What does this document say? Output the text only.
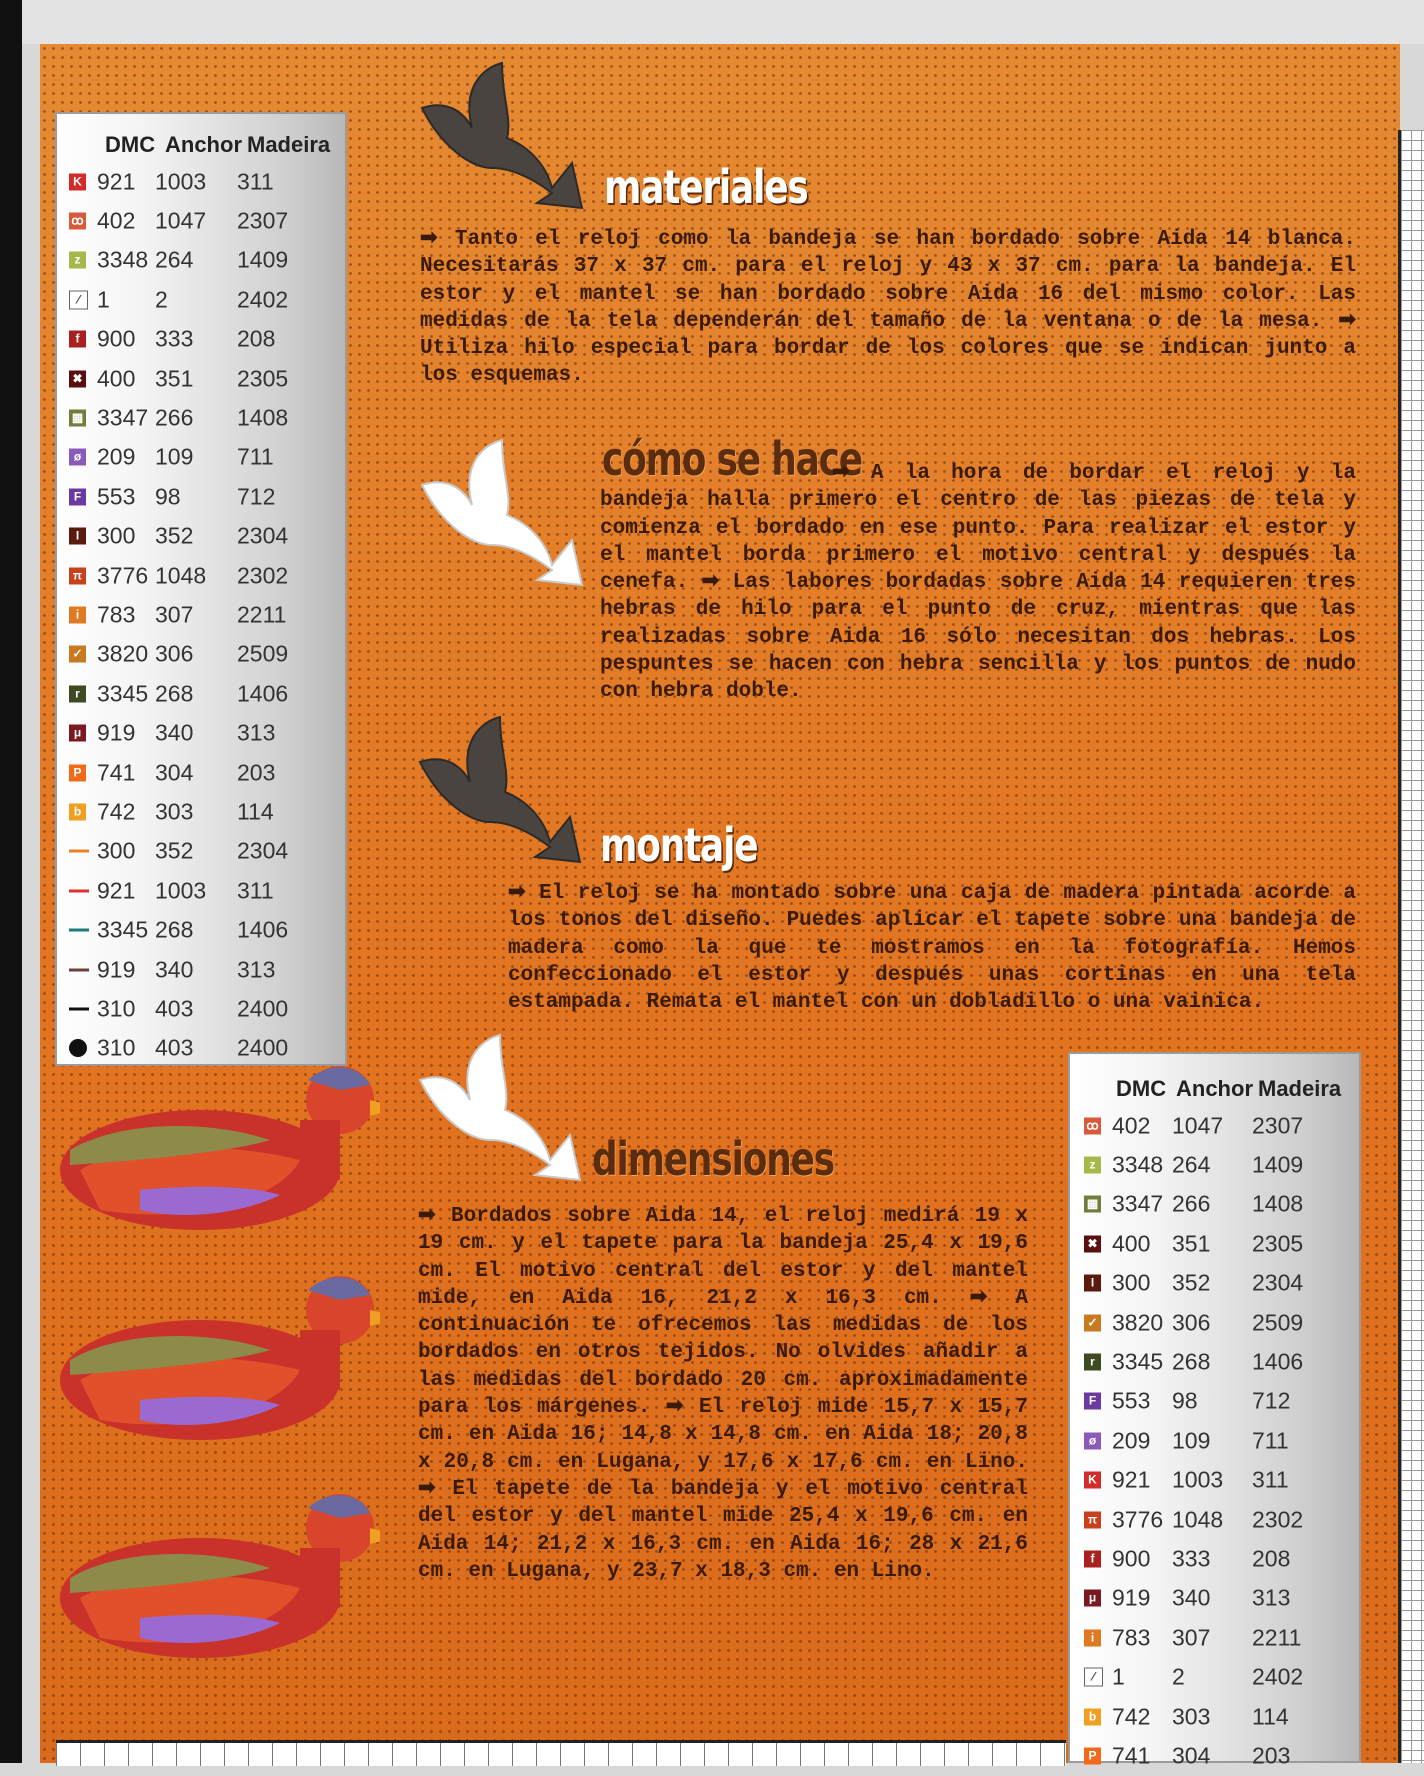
DMC Anchor Madeira
K 921 1003 311
ꝏ 402 1047 2307
z 3348 264 1409
⁄ 1 2	2402
f 900 333 208
✖ 400 351 2305
▦ 3347 266 1408
ø 209 109 711
F 553 98 712
I 300 352 2304
π 3776 1048 2302
i 783 307 2211
✓ 3820 306 2509
r 3345 268 1406
μ 919 340 313
P 741 304 203
b 742 303 114
300 352 2304
921 1003 311
3345 268 1406
919 340 313
310 403 2400
310 403 2400
DMC Anchor Madeira
ꝏ 402 1047 2307
z 3348 264 1409
▦ 3347 266 1408
✖ 400 351 2305
I 300 352 2304
✓ 3820 306 2509
r 3345 268 1406
F 553 98 712
ø 209 109 711
K 921 1003 311
π 3776 1048 2302
f 900 333 208
μ 919 340 313
i 783 307 2211
⁄ 1 2	2402
b 742 303 114
P 741 304 203
materiales
cómo se hace
montaje
dimensiones
➡ Tanto el reloj como la bandeja se han bordado sobre Aida 14 blanca. Necesitarás 37 x 37 cm. para el reloj y 43 x 37 cm. para la bandeja. El estor y el mantel se han bordado sobre Aida 16 del mismo color. Las medidas de la tela dependerán del tamaño de la ventana o de la mesa. ➡ Utiliza hilo especial para bordar de los colores que se indican junto a los esquemas.
➡ A la hora de bordar el reloj y la bandeja halla primero el centro de las piezas de tela y comienza el bordado en ese punto. Para realizar el estor y el mantel borda primero el motivo central y después la cenefa. ➡ Las labores bordadas sobre Aida 14 requieren tres hebras de hilo para el punto de cruz, mientras que las realizadas sobre Aida 16 sólo necesitan dos hebras. Los pespuntes se hacen con hebra sencilla y los puntos de nudo con hebra doble.
➡ El reloj se ha montado sobre una caja de madera pintada acorde a los tonos del diseño. Puedes aplicar el tapete sobre una bandeja de madera como la que te mostramos en la fotografía. Hemos confeccionado el estor y después unas cortinas en una tela estampada. Remata el mantel con un dobladillo o una vainica.
➡ Bordados sobre Aida 14, el reloj medirá 19 x 19 cm. y el tapete para la bandeja 25,4 x 19,6 cm. El motivo central del estor y del mantel mide, en Aida 16, 21,2 x 16,3 cm. ➡ A continuación te ofrecemos las medidas de los bordados en otros tejidos. No olvides añadir a las medidas del bordado 20 cm. aproximadamente para los márgenes. ➡ El reloj mide 15,7 x 15,7 cm. en Aida 16; 14,8 x 14,8 cm. en Aida 18; 20,8 x 20,8 cm. en Lugana, y 17,6 x 17,6 cm. en Lino. ➡ El tapete de la bandeja y el motivo central del estor y del mantel mide 25,4 x 19,6 cm. en Aida 14; 21,2 x 16,3 cm. en Aida 16; 28 x 21,6 cm. en Lugana, y 23,7 x 18,3 cm. en Lino.
